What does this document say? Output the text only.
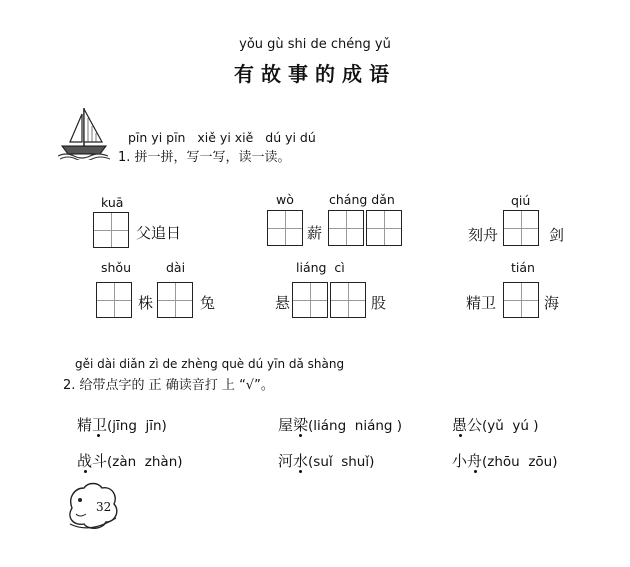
yǒu gù shi de chéng yǔ
有故事的成语
pīn yi pīn   xiě yi xiě   dú yi dú
1. 拼一拼，写一写，读一读。
kuā
父追日
wò	cháng dǎn
薪
qiú
刻舟	剑
shǒu	dài
株	兔
liáng  cì
悬	股
tián
精卫	海
gěi dài diǎn zì de zhèng què dú yīn dǎ shàng
2. 给带点字的 正 确读音打 上 “√”。
精卫(jīng  jīn)	屋梁(liáng  niáng )	愚公(yǔ  yú )
战斗(zàn  zhàn)	河水(suǐ  shuǐ)	小舟(zhōu  zōu)
32
